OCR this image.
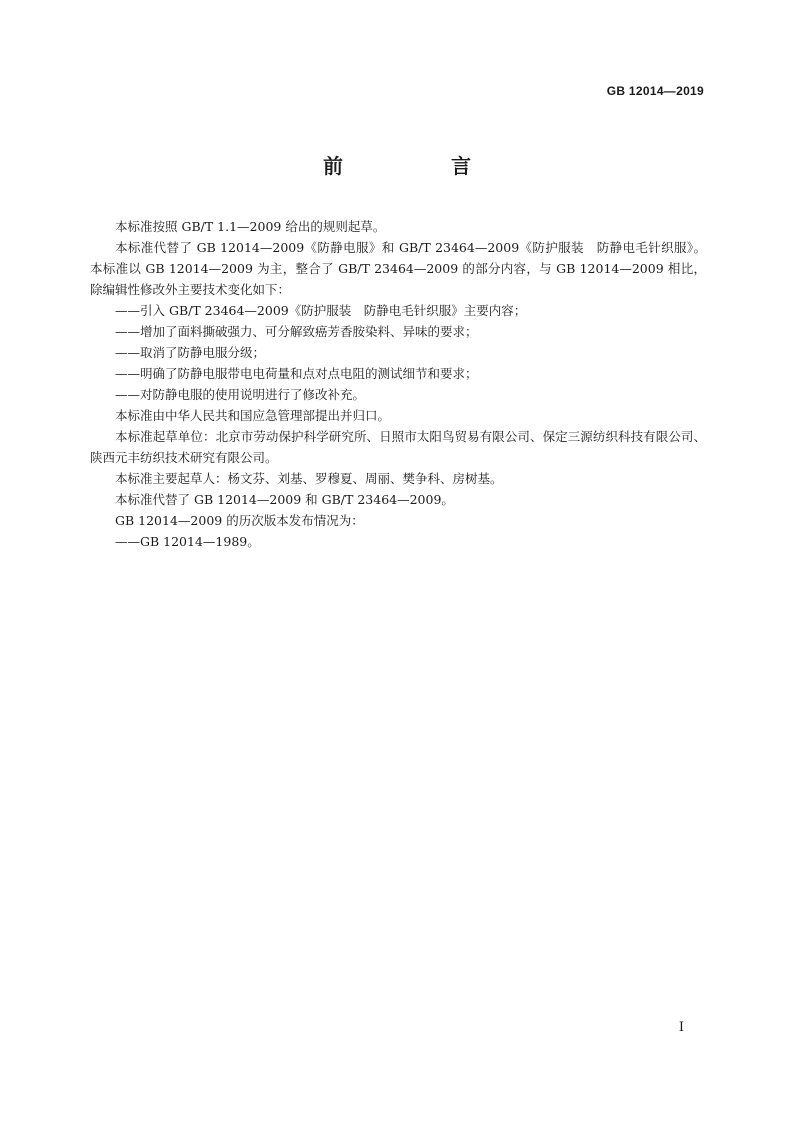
GB 12014—2019
前　言

本标准按照 GB/T 1.1—2009 给出的规则起草。

本标准代替了 GB 12014—2009《防静电服》和 GB/T 23464—2009《防护服装　防静电毛针织服》。本标准以 GB 12014—2009 为主，整合了 GB/T 23464—2009 的部分内容，与 GB 12014—2009 相比，除编辑性修改外主要技术变化如下：

——引入 GB/T 23464—2009《防护服装　防静电毛针织服》主要内容；

——增加了面料撕破强力、可分解致癌芳香胺染料、异味的要求；

——取消了防静电服分级；

——明确了防静电服带电电荷量和点对点电阻的测试细节和要求；

——对防静电服的使用说明进行了修改补充。

本标准由中华人民共和国应急管理部提出并归口。

本标准起草单位：北京市劳动保护科学研究所、日照市太阳鸟贸易有限公司、保定三源纺织科技有限公司、陕西元丰纺织技术研究有限公司。

本标准主要起草人：杨文芬、刘基、罗穆夏、周丽、樊争科、房树基。

本标准代替了 GB 12014—2009 和 GB/T 23464—2009。

GB 12014—2009 的历次版本发布情况为：

——GB 12014—1989。

I
